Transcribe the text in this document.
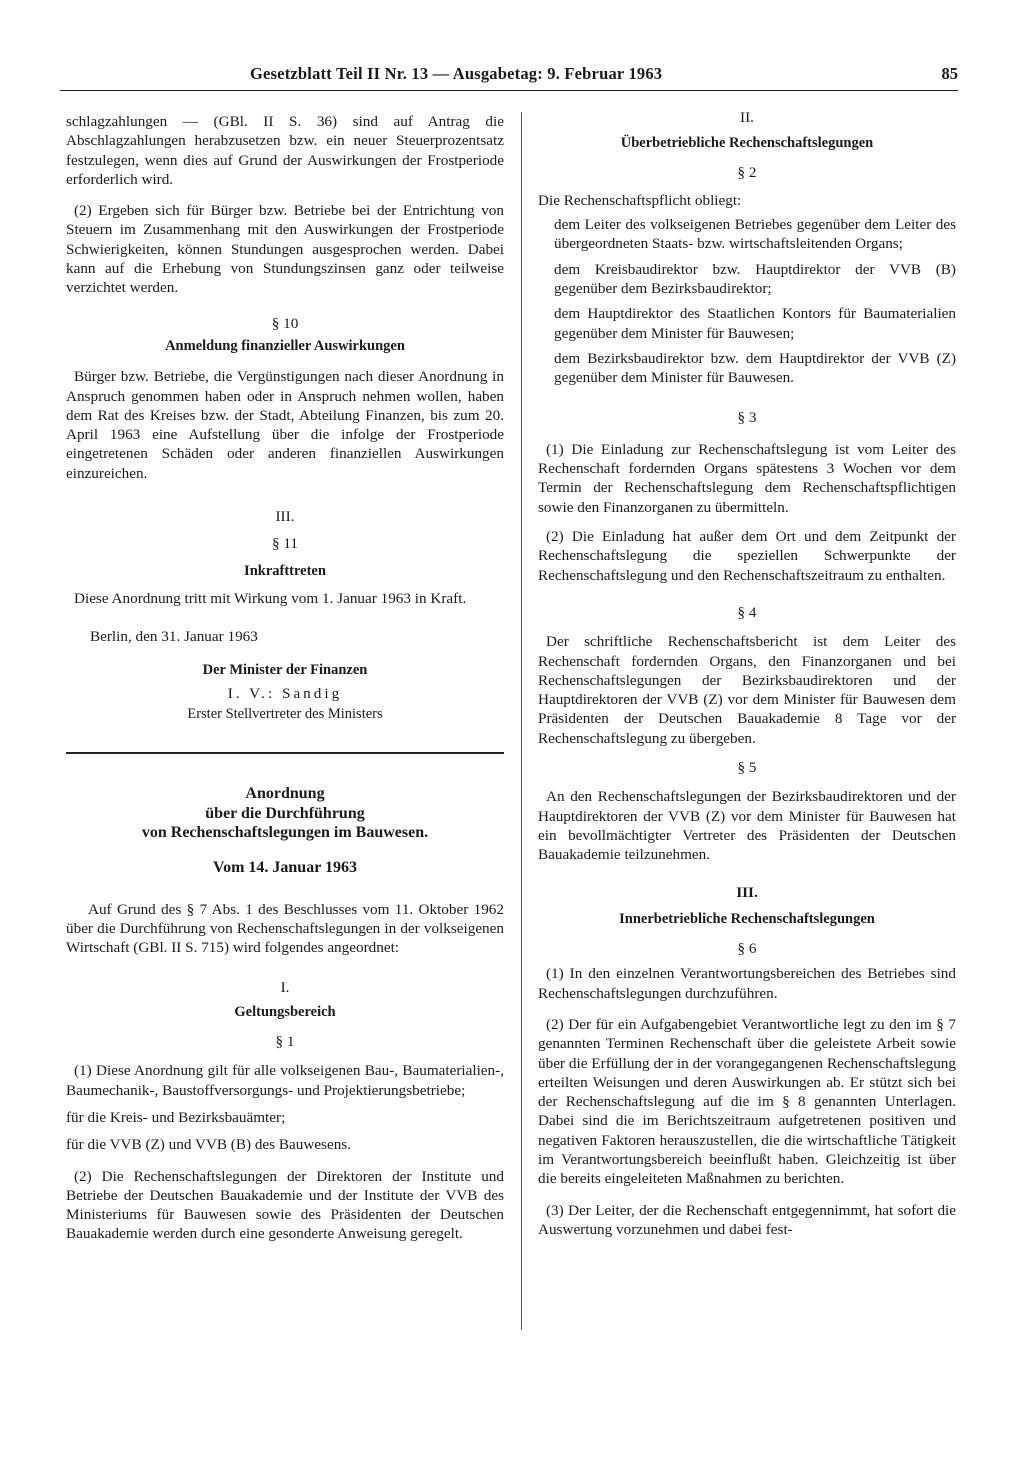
Gesetzblatt Teil II Nr. 13 — Ausgabetag: 9. Februar 1963	85

schlagzahlungen — (GBl. II S. 36) sind auf Antrag die Abschlagzahlungen herabzusetzen bzw. ein neuer Steuerprozentsatz festzulegen, wenn dies auf Grund der Auswirkungen der Frostperiode erforderlich wird.

(2) Ergeben sich für Bürger bzw. Betriebe bei der Entrichtung von Steuern im Zusammenhang mit den Auswirkungen der Frostperiode Schwierigkeiten, können Stundungen ausgesprochen werden. Dabei kann auf die Erhebung von Stundungszinsen ganz oder teilweise verzichtet werden.

§ 10

Anmeldung finanzieller Auswirkungen

Bürger bzw. Betriebe, die Vergünstigungen nach dieser Anordnung in Anspruch genommen haben oder in Anspruch nehmen wollen, haben dem Rat des Kreises bzw. der Stadt, Abteilung Finanzen, bis zum 20. April 1963 eine Aufstellung über die infolge der Frostperiode eingetretenen Schäden oder anderen finanziellen Auswirkungen einzureichen.

III.

§ 11

Inkrafttreten

Diese Anordnung tritt mit Wirkung vom 1. Januar 1963 in Kraft.

Berlin, den 31. Januar 1963

Der Minister der Finanzen

I. V.: Sandig

Erster Stellvertreter des Ministers

Anordnung

über die Durchführung

von Rechenschaftslegungen im Bauwesen.

Vom 14. Januar 1963

Auf Grund des § 7 Abs. 1 des Beschlusses vom 11. Oktober 1962 über die Durchführung von Rechenschaftslegungen in der volkseigenen Wirtschaft (GBl. II S. 715) wird folgendes angeordnet:

I.

Geltungsbereich

§ 1

(1) Diese Anordnung gilt für alle volkseigenen Bau-, Baumaterialien-, Baumechanik-, Baustoffversorgungs- und Projektierungsbetriebe;

für die Kreis- und Bezirksbauämter;

für die VVB (Z) und VVB (B) des Bauwesens.

(2) Die Rechenschaftslegungen der Direktoren der Institute und Betriebe der Deutschen Bauakademie und der Institute der VVB des Ministeriums für Bauwesen sowie des Präsidenten der Deutschen Bauakademie werden durch eine gesonderte Anweisung geregelt.

II.

Überbetriebliche Rechenschaftslegungen

§ 2

Die Rechenschaftspflicht obliegt:

dem Leiter des volkseigenen Betriebes gegenüber dem Leiter des übergeordneten Staats- bzw. wirtschaftsleitenden Organs;

dem Kreisbaudirektor bzw. Hauptdirektor der VVB (B) gegenüber dem Bezirksbaudirektor;

dem Hauptdirektor des Staatlichen Kontors für Baumaterialien gegenüber dem Minister für Bauwesen;

dem Bezirksbaudirektor bzw. dem Hauptdirektor der VVB (Z) gegenüber dem Minister für Bauwesen.

§ 3

(1) Die Einladung zur Rechenschaftslegung ist vom Leiter des Rechenschaft fordernden Organs spätestens 3 Wochen vor dem Termin der Rechenschaftslegung dem Rechenschaftspflichtigen sowie den Finanzorganen zu übermitteln.

(2) Die Einladung hat außer dem Ort und dem Zeitpunkt der Rechenschaftslegung die speziellen Schwerpunkte der Rechenschaftslegung und den Rechenschaftszeitraum zu enthalten.

§ 4

Der schriftliche Rechenschaftsbericht ist dem Leiter des Rechenschaft fordernden Organs, den Finanzorganen und bei Rechenschaftslegungen der Bezirksbaudirektoren und der Hauptdirektoren der VVB (Z) vor dem Minister für Bauwesen dem Präsidenten der Deutschen Bauakademie 8 Tage vor der Rechenschaftslegung zu übergeben.

§ 5

An den Rechenschaftslegungen der Bezirksbaudirektoren und der Hauptdirektoren der VVB (Z) vor dem Minister für Bauwesen hat ein bevollmächtigter Vertreter des Präsidenten der Deutschen Bauakademie teilzunehmen.

III.

Innerbetriebliche Rechenschaftslegungen

§ 6

(1) In den einzelnen Verantwortungsbereichen des Betriebes sind Rechenschaftslegungen durchzuführen.

(2) Der für ein Aufgabengebiet Verantwortliche legt zu den im § 7 genannten Terminen Rechenschaft über die geleistete Arbeit sowie über die Erfüllung der in der vorangegangenen Rechenschaftslegung erteilten Weisungen und deren Auswirkungen ab. Er stützt sich bei der Rechenschaftslegung auf die im § 8 genannten Unterlagen. Dabei sind die im Berichtszeitraum aufgetretenen positiven und negativen Faktoren herauszustellen, die die wirtschaftliche Tätigkeit im Verantwortungsbereich beeinflußt haben. Gleichzeitig ist über die bereits eingeleiteten Maßnahmen zu berichten.

(3) Der Leiter, der die Rechenschaft entgegennimmt, hat sofort die Auswertung vorzunehmen und dabei fest-
